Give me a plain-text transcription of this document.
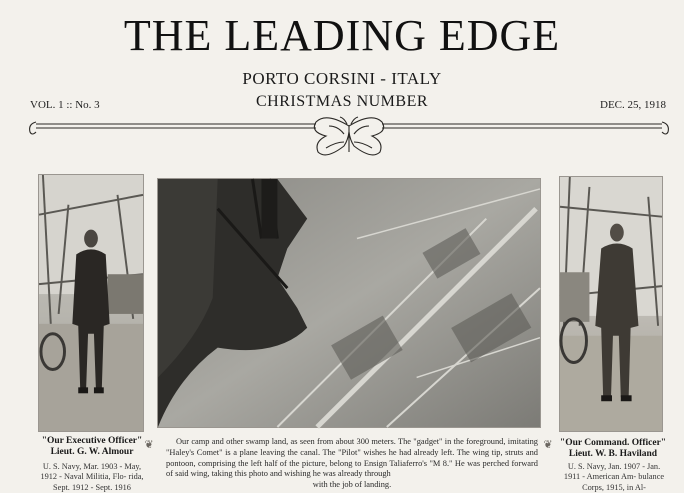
THE LEADING EDGE
PORTO CORSINI - ITALY
CHRISTMAS NUMBER
VOL. 1 :: No. 3	DEC. 25, 1918
"Our Executive Officer"
Lieut. G. W. Almour
U. S. Navy, Mar. 1903 - May, 1912 - Naval Militia, Flo- rida, Sept. 1912 - Sept. 1916
❦	❦
Our camp and other swamp land, as seen from about 300 meters. The "gadget" in the foreground, imitating "Haley's Comet" is a plane leaving the canal. The "Pilot" wishes he had already left. The wing tip, struts and pontoon, comprising the left half of the picture, belong to Ensign Taliaferro's "M 8." He was perched forward of said wing, taking this photo and wishing he was already through
with the job of landing.
"Our Command. Officer"
Lieut. W. B. Haviland
U. S. Navy, Jan. 1907 - Jan. 1911 - American Am- bulance Corps, 1915, in Al-
